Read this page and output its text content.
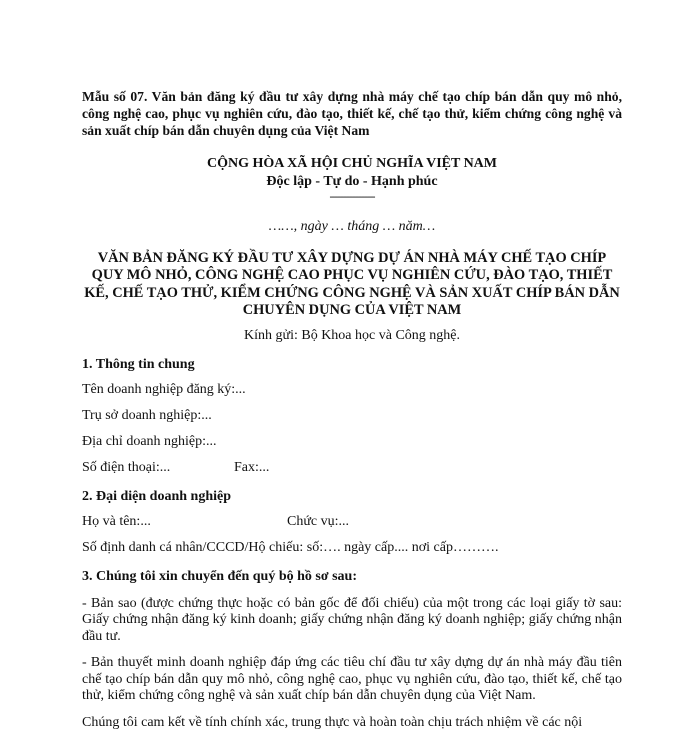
Mẫu số 07. Văn bản đăng ký đầu tư xây dựng nhà máy chế tạo chíp bán dẫn quy mô nhỏ, công nghệ cao, phục vụ nghiên cứu, đào tạo, thiết kế, chế tạo thử, kiểm chứng công nghệ và sản xuất chíp bán dẫn chuyên dụng của Việt Nam

CỘNG HÒA XÃ HỘI CHỦ NGHĨA VIỆT NAM
Độc lập - Tự do - Hạnh phúc
---------------
……, ngày … tháng … năm…
VĂN BẢN ĐĂNG KÝ ĐẦU TƯ XÂY DỰNG DỰ ÁN NHÀ MÁY CHẾ TẠO CHÍP QUY MÔ NHỎ, CÔNG NGHỆ CAO PHỤC VỤ NGHIÊN CỨU, ĐÀO TẠO, THIẾT KẾ, CHẾ TẠO THỬ, KIỂM CHỨNG CÔNG NGHỆ VÀ SẢN XUẤT CHÍP BÁN DẪN CHUYÊN DỤNG CỦA VIỆT NAM
Kính gửi: Bộ Khoa học và Công nghệ.
1. Thông tin chung
Tên doanh nghiệp đăng ký:...
Trụ sở doanh nghiệp:...
Địa chỉ doanh nghiệp:...
Số điện thoại:...	Fax:...
2. Đại diện doanh nghiệp
Họ và tên:...	Chức vụ:...
Số định danh cá nhân/CCCD/Hộ chiếu: số:…. ngày cấp.... nơi cấp……….
3. Chúng tôi xin chuyển đến quý bộ hồ sơ sau:
- Bản sao (được chứng thực hoặc có bản gốc để đối chiếu) của một trong các loại giấy tờ sau: Giấy chứng nhận đăng ký kinh doanh; giấy chứng nhận đăng ký doanh nghiệp; giấy chứng nhận đầu tư.
- Bản thuyết minh doanh nghiệp đáp ứng các tiêu chí đầu tư xây dựng dự án nhà máy đầu tiên chế tạo chíp bán dẫn quy mô nhỏ, công nghệ cao, phục vụ nghiên cứu, đào tạo, thiết kế, chế tạo thử, kiểm chứng công nghệ và sản xuất chíp bán dẫn chuyên dụng của Việt Nam.
Chúng tôi cam kết về tính chính xác, trung thực và hoàn toàn chịu trách nhiệm về các nội
